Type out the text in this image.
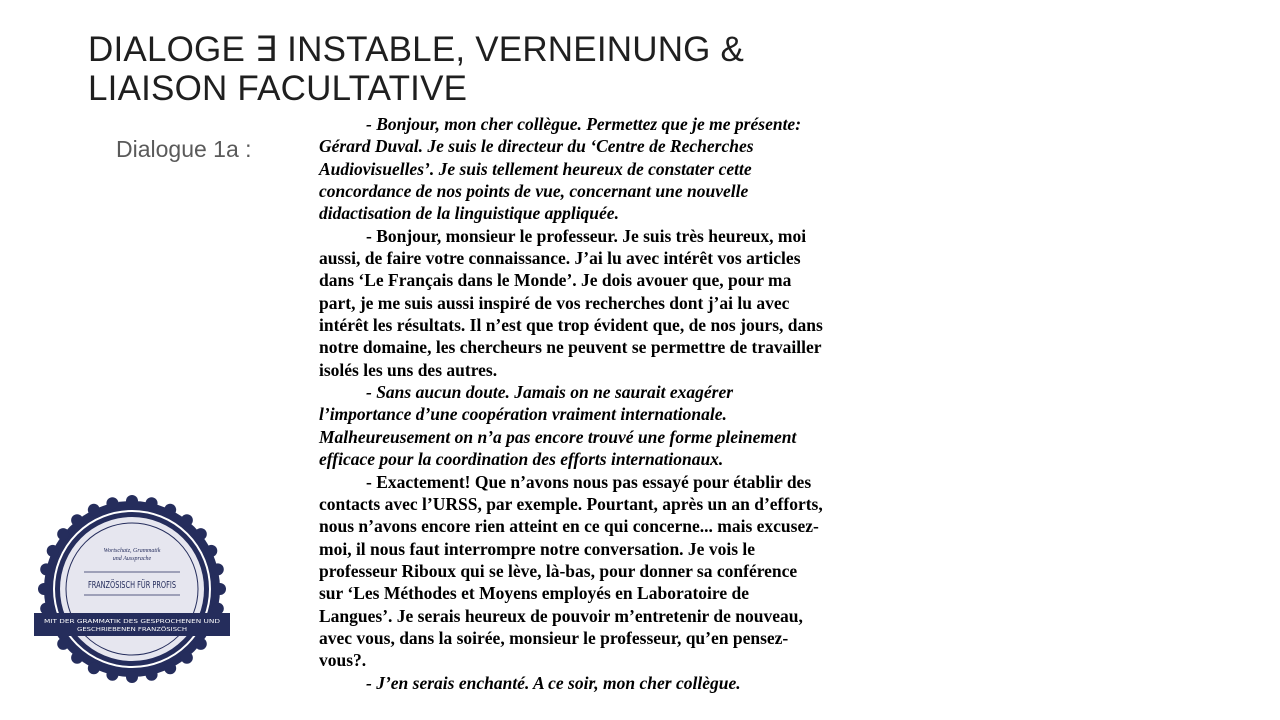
DIALOGE ∃ INSTABLE, VERNEINUNG & LIAISON FACULTATIVE
Dialogue 1a :

- Bonjour, mon cher collègue. Permettez que je me présente: Gérard Duval. Je suis le directeur du ‘Centre de Recherches Audiovisuelles’. Je suis tellement heureux de constater cette concordance de nos points de vue, concernant une nouvelle didactisation de la linguistique appliquée.

- Bonjour, monsieur le professeur. Je suis très heureux, moi aussi, de faire votre connaissance. J’ai lu avec intérêt vos articles dans ‘Le Français dans le Monde’. Je dois avouer que, pour ma part, je me suis aussi inspiré de vos recherches dont j’ai lu avec intérêt les résultats. Il n’est que trop évident que, de nos jours, dans notre domaine, les chercheurs ne peuvent se permettre de travailler isolés les uns des autres.

- Sans aucun doute. Jamais on ne saurait exagérer l’importance d’une coopération vraiment internationale. Malheureusement on n’a pas encore trouvé une forme pleinement efficace pour la coordination des efforts internationaux.

- Exactement! Que n’avons nous pas essayé pour établir des contacts avec l’URSS, par exemple. Pourtant, après un an d’efforts, nous n’avons encore rien atteint en ce qui concerne... mais excusez-moi, il nous faut interrompre notre conversation. Je vois le professeur Riboux qui se lève, là-bas, pour donner sa conférence sur ‘Les Méthodes et Moyens employés en Laboratoire de Langues’. Je serais heureux de pouvoir m’entretenir de nouveau, avec vous, dans la soirée, monsieur le professeur, qu’en pensez-vous?.

- J’en serais enchanté. A ce soir, mon cher collègue.

Wortschatz, Grammatik
und Aussprache
FRANZÖSISCH FÜR PROFIS
MIT DER GRAMMATIK DES GESPROCHENEN UND
GESCHRIEBENEN FRANZÖSISCH
